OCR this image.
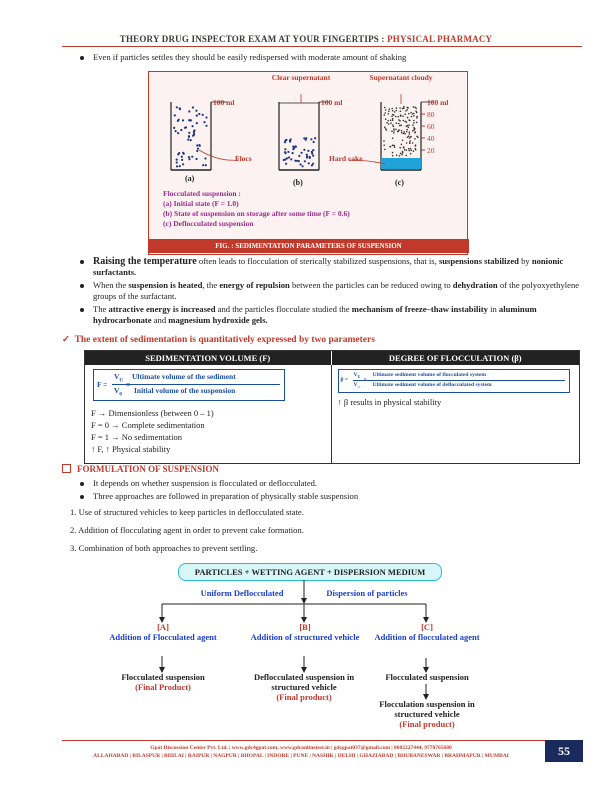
THEORY DRUG INSPECTOR EXAM AT YOUR FINGERTIPS : PHYSICAL PHARMACY
Even if particles settles they should be easily redispersed with moderate amount of shaking
Clear supernatant	Supernatant cloudy
100 ml	100 ml	100 ml
80
60
40
20
Flocs	Hard cake
(a)	(b)	(c)
Flocculated suspension :
(a) Initial state (F = 1.0)
(b) State of suspension on storage after some time (F = 0.6)
(c) Deflocculated suspension
FIG. : SEDIMENTATION PARAMETERS OF SUSPENSION
Raising the temperature often leads to flocculation of sterically stabilized suspensions, that is, suspensions stabilized by nonionic surfactants.
When the suspension is heated, the energy of repulsion between the particles can be reduced owing to dehydration of the polyoxyethylene groups of the surfactant.
The attractive energy is increased and the particles flocculate studied the mechanism of freeze–thaw instability in aluminum hydrocarbonate and magnesium hydroxide gels.
✓ The extent of sedimentation is quantitatively expressed by two parameters
SEDIMENTATION VOLUME (F)	DEGREE OF FLOCCULATION (β)
F =
$V_U$
$V_0$
Ultimate volume of the sediment
Initial volume of the suspension
F → Dimensionless (between 0 – 1)
F = 0 → Complete sedimentation
F = 1 → No sedimentation
↑ F, ↑ Physical stability
β =
$V_U$
$V_\infty$
Ultimate sediment volume of flocculated system
Ultimate sediment volume of deflocculated system
↑ β results in physical stability
FORMULATION OF SUSPENSION
It depends on whether suspension is flocculated or deflocculated.
Three approaches are followed in preparation of physically stable suspension
1. Use of structured vehicles to keep particles in deflocculated state.
2. Addition of flocculating agent in order to prevent cake formation.
3. Combination of both approaches to prevent settling.
PARTICLES + WETTING AGENT + DISPERSION MEDIUM
Uniform Deflocculated	Dispersion of particles
[A]
Addition of Flocculated agent
[B]
Addition of structured vehicle
[C]
Addition of flocculated agent
Flocculated suspension
(Final Product)
Deflocculated suspension in structured vehicle
(Final product)
Flocculated suspension
Flocculation suspension in structured vehicle
(Final product)
Gpat Discussion Center Pvt. Ltd. | www.gdc4gpat.com, www.gdconlinetest.in | gdcgpat037@gmail.com | 8602227444, 9770765680
ALLAHABAD | BILASPUR | BHILAI | RAIPUR | NAGPUR | BHOPAL | INDORE | PUNE | NASHIK | DELHI | GHAZIABAD | BHUBANESWAR | BRAHMAPUR | MUMBAI	55
